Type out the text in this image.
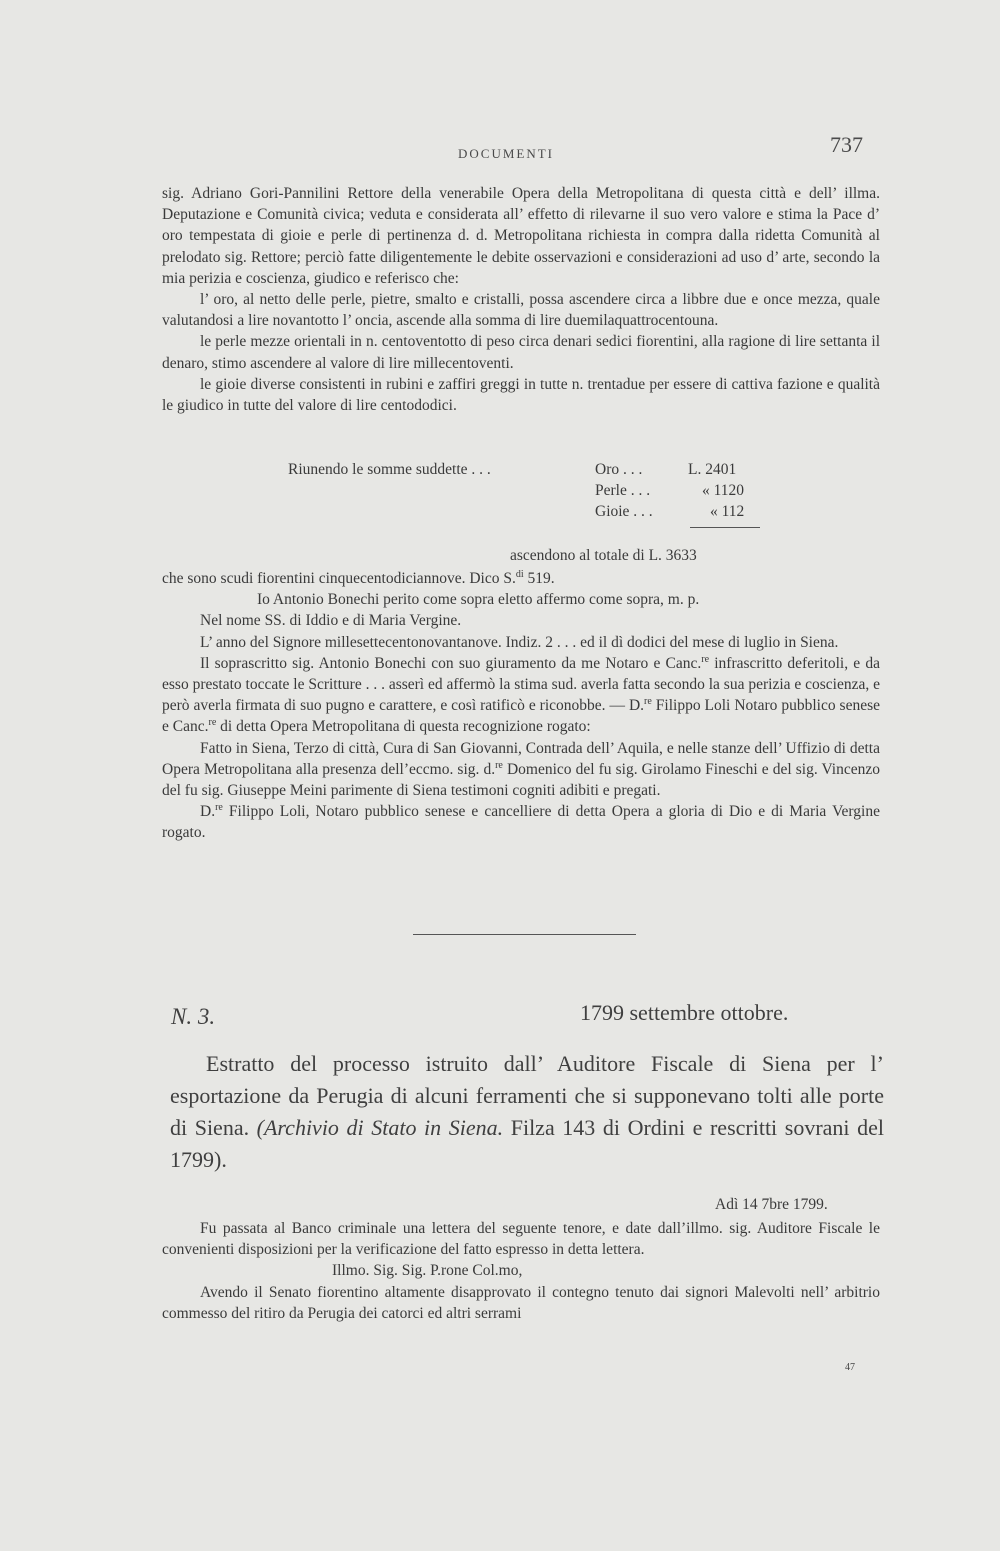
DOCUMENTI	737

sig. Adriano Gori-Pannilini Rettore della venerabile Opera della Metropolitana di questa città e dell’ illma. Deputazione e Comunità civica; veduta e considerata all’ effetto di rilevarne il suo vero valore e stima la Pace d’ oro tempestata di gioie e perle di pertinenza d. d. Metropolitana richiesta in compra dalla ridetta Comunità al prelodato sig. Rettore; perciò fatte diligentemente le debite osservazioni e considerazioni ad uso d’ arte, secondo la mia perizia e coscienza, giudico e referisco che:

l’ oro, al netto delle perle, pietre, smalto e cristalli, possa ascendere circa a libbre due e once mezza, quale valutandosi a lire novantotto l’ oncia, ascende alla somma di lire duemilaquattrocentouna.

le perle mezze orientali in n. centoventotto di peso circa denari sedici fiorentini, alla ragione di lire settanta il denaro, stimo ascendere al valore di lire millecentoventi.

le gioie diverse consistenti in rubini e zaffiri greggi in tutte n. trentadue per essere di cattiva fazione e qualità le giudico in tutte del valore di lire centododici.

Riunendo le somme suddette . . .	Oro . . .	L. 2401
Perle . . .	« 1120
Gioie . . .	« 112
ascendono al totale di L. 3633

che sono scudi fiorentini cinquecentodiciannove. Dico S.$^{di}$ 519.

Io Antonio Bonechi perito come sopra eletto affermo come sopra, m. p.

Nel nome SS. di Iddio e di Maria Vergine.

L’ anno del Signore millesettecentonovantanove. Indiz. 2 . . . ed il dì dodici del mese di luglio in Siena.

Il soprascritto sig. Antonio Bonechi con suo giuramento da me Notaro e Canc.$^{re}$ infrascritto deferitoli, e da esso prestato toccate le Scritture . . . asserì ed affermò la stima sud. averla fatta secondo la sua perizia e coscienza, e però averla firmata di suo pugno e carattere, e così ratificò e riconobbe. — D.$^{re}$ Filippo Loli Notaro pubblico senese e Canc.$^{re}$ di detta Opera Metropolitana di questa recognizione rogato:

Fatto in Siena, Terzo di città, Cura di San Giovanni, Contrada dell’ Aquila, e nelle stanze dell’ Uffizio di detta Opera Metropolitana alla presenza dell’eccmo. sig. d.$^{re}$ Domenico del fu sig. Girolamo Fineschi e del sig. Vincenzo del fu sig. Giuseppe Meini parimente di Siena testimoni cogniti adibiti e pregati.

D.$^{re}$ Filippo Loli, Notaro pubblico senese e cancelliere di detta Opera a gloria di Dio e di Maria Vergine rogato.

N. 3.	1799 settembre ottobre.

Estratto del processo istruito dall’ Auditore Fiscale di Siena per l’ esportazione da Perugia di alcuni ferramenti che si supponevano tolti alle porte di Siena. (Archivio di Stato in Siena. Filza 143 di Ordini e rescritti sovrani del 1799).

Adì 14 7bre 1799.

Fu passata al Banco criminale una lettera del seguente tenore, e date dall’illmo. sig. Auditore Fiscale le convenienti disposizioni per la verificazione del fatto espresso in detta lettera.

Illmo. Sig. Sig. P.rone Col.mo,

Avendo il Senato fiorentino altamente disapprovato il contegno tenuto dai signori Malevolti nell’ arbitrio commesso del ritiro da Perugia dei catorci ed altri serrami

47
